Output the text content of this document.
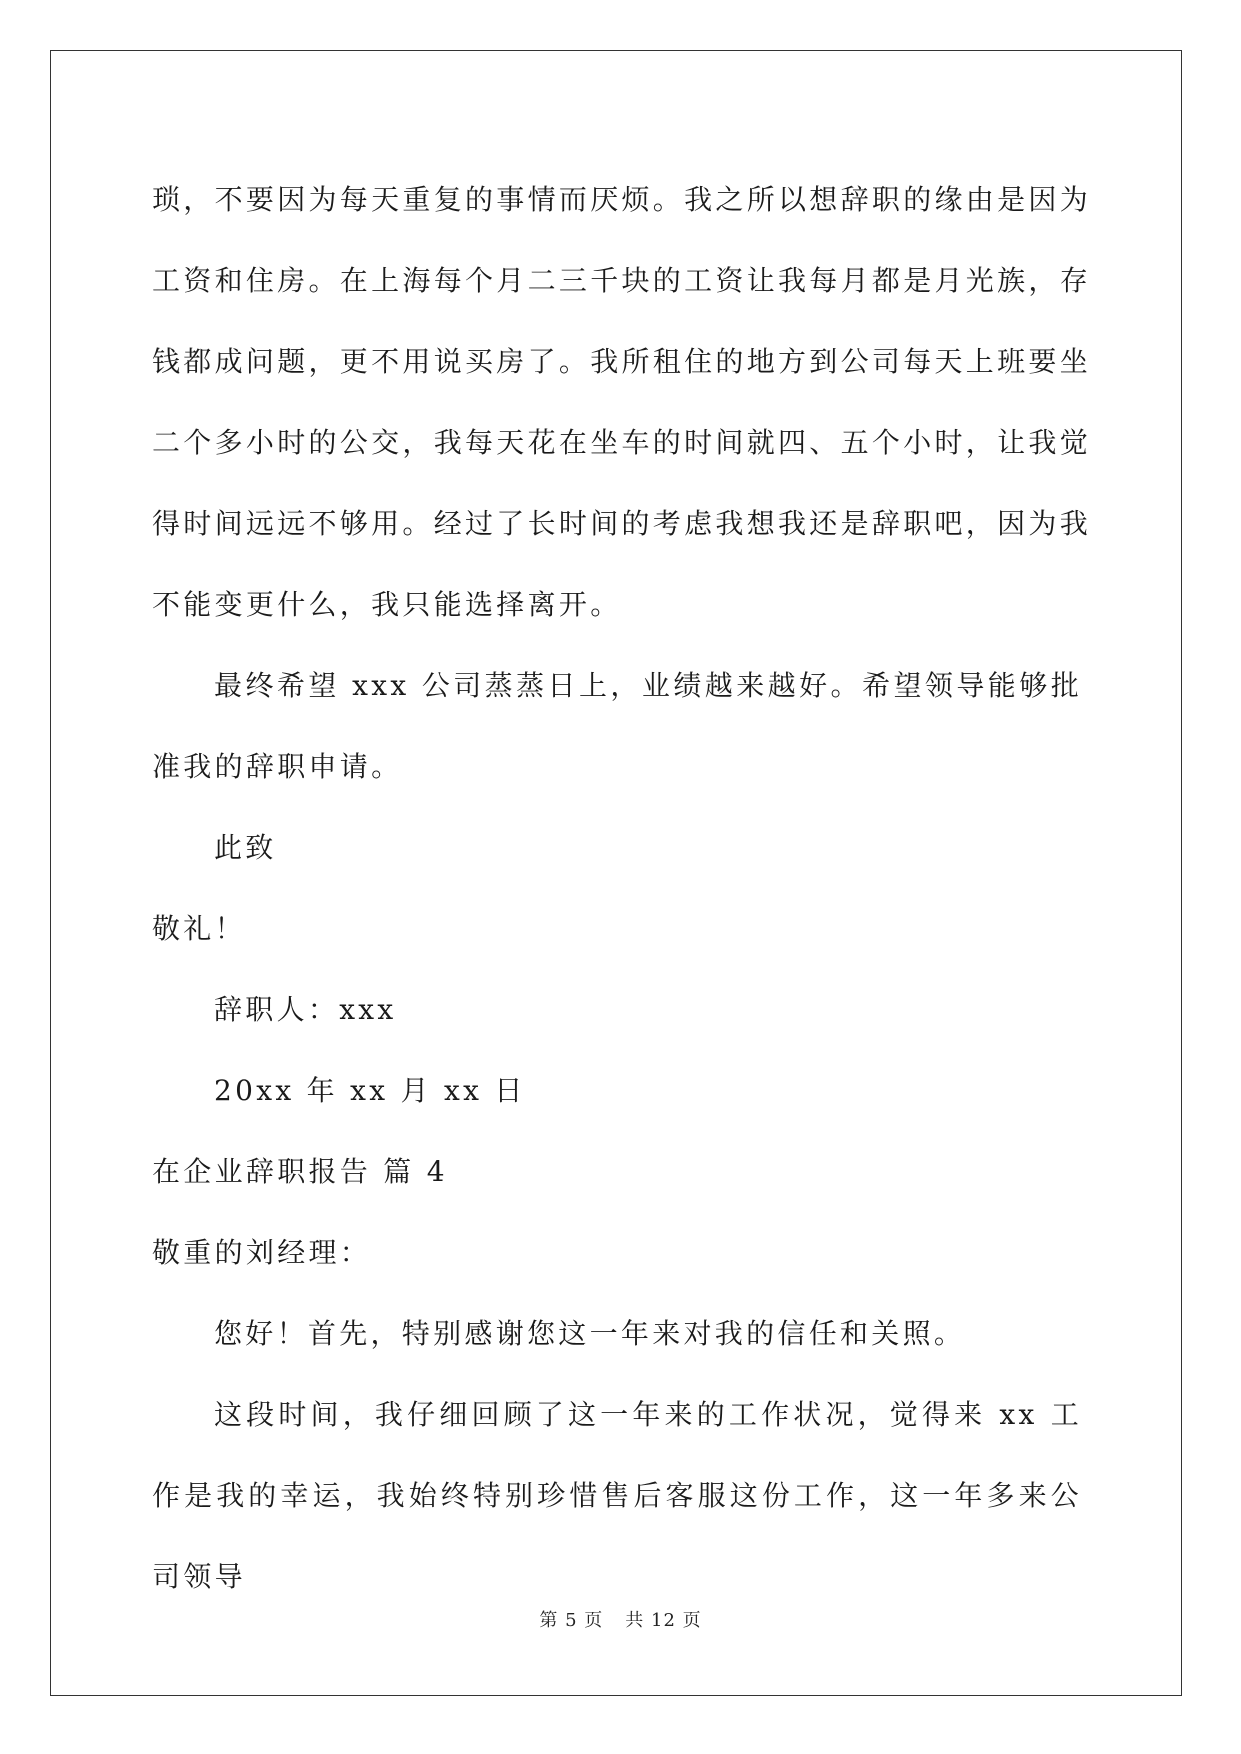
琐，不要因为每天重复的事情而厌烦。我之所以想辞职的缘由是因为

工资和住房。在上海每个月二三千块的工资让我每月都是月光族，存

钱都成问题，更不用说买房了。我所租住的地方到公司每天上班要坐

二个多小时的公交，我每天花在坐车的时间就四、五个小时，让我觉

得时间远远不够用。经过了长时间的考虑我想我还是辞职吧，因为我

不能变更什么，我只能选择离开。

最终希望 xxx 公司蒸蒸日上，业绩越来越好。希望领导能够批准我的辞职申请。

此致

敬礼！

辞职人：xxx

20xx 年 xx 月 xx 日

在企业辞职报告 篇 4

敬重的刘经理：

您好！首先，特别感谢您这一年来对我的信任和关照。

这段时间，我仔细回顾了这一年来的工作状况，觉得来 xx 工作是我的幸运，我始终特别珍惜售后客服这份工作，这一年多来公司领导

第 5 页 共 12 页
